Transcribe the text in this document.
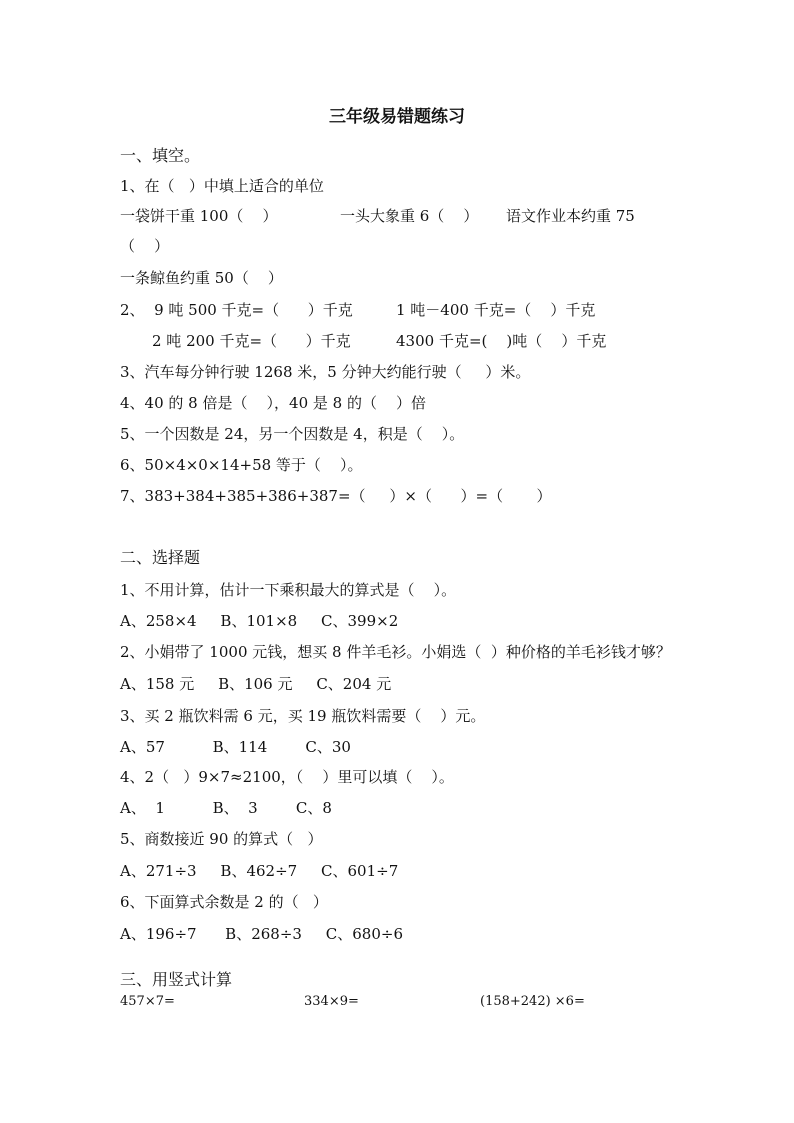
三年级易错题练习
一、填空。
1、在（   ）中填上适合的单位
一袋饼干重 100（    ）	一头大象重 6（    ） 语文作业本约重 75
（    ）
一条鲸鱼约重 50（    ）
2、  9 吨 500 千克=（      ）千克	1 吨－400 千克=（    ）千克
2 吨 200 千克=（      ）千克	4300 千克=(    )吨（    ）千克
3、汽车每分钟行驶 1268 米，5 分钟大约能行驶（     ）米。
4、40 的 8 倍是（    ），40 是 8 的（    ）倍
5、一个因数是 24，另一个因数是 4，积是（    ）。
6、50×4×0×14+58 等于（    ）。
7、383+384+385+386+387=（     ）×（      ）=（       ）
二、选择题
1、不用计算，估计一下乘积最大的算式是（    ）。
A、258×4     B、101×8     C、399×2
2、小娟带了 1000 元钱，想买 8 件羊毛衫。小娟选（  ）种价格的羊毛衫钱才够？
A、158 元     B、106 元     C、204 元
3、买 2 瓶饮料需 6 元，买 19 瓶饮料需要（    ）元。
A、57          B、114        C、30
4、2（   ）9×7≈2100，（    ）里可以填（    ）。
A、  1          B、  3        C、8
5、商数接近 90 的算式（   ）
A、271÷3     B、462÷7     C、601÷7
6、下面算式余数是 2 的（   ）
A、196÷7      B、268÷3     C、680÷6
三、用竖式计算
457×7=	334×9=	(158+242) ×6=
